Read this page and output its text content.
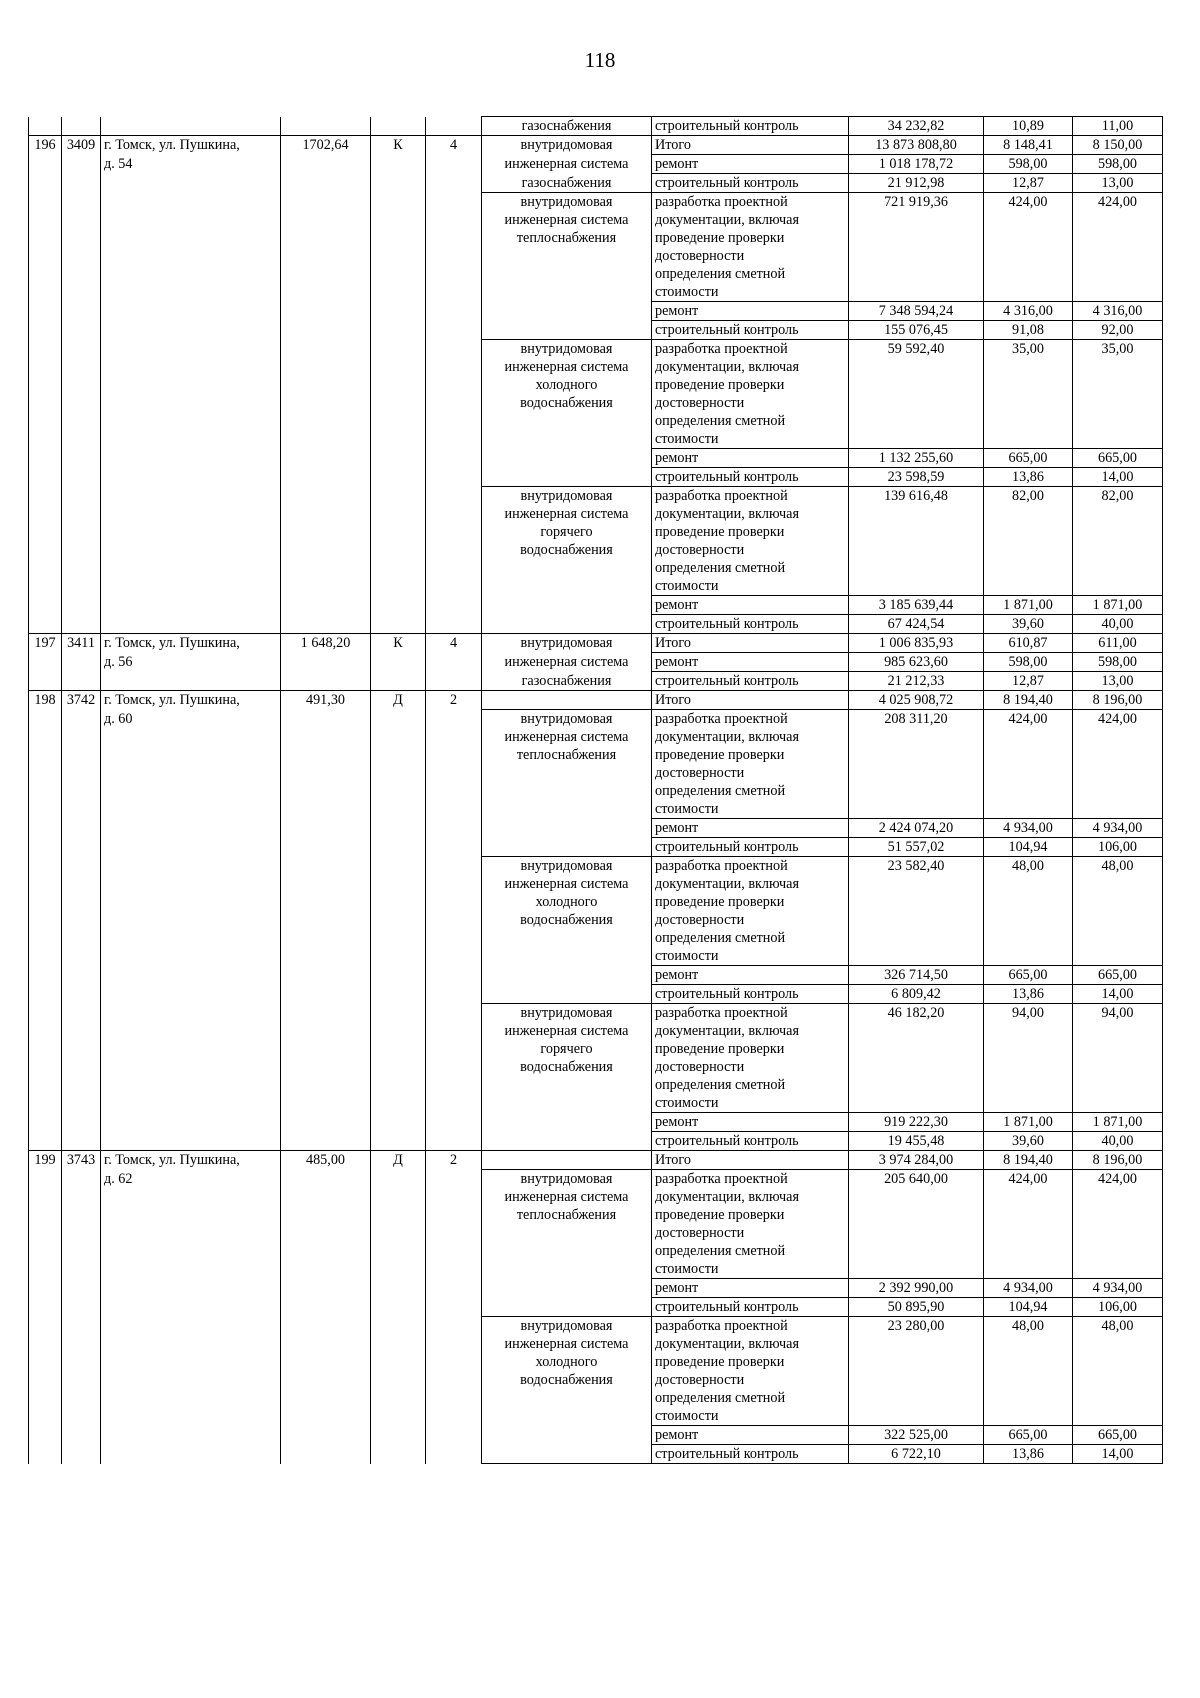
118
						газоснабжения	строительный контроль	34 232,82	10,89	11,00
196	3409	г. Томск, ул. Пушкина,	1702,64	К	4	внутридомовая	Итого	13 873 808,80	8 148,41	8 150,00
		д. 54				инженерная система	ремонт	1 018 178,72	598,00	598,00
						газоснабжения	строительный контроль	21 912,98	12,87	13,00
						внутридомовая	разработка проектной	721 919,36	424,00	424,00
						инженерная система	документации, включая			
						теплоснабжения	проведение проверки			
							достоверности			
							определения сметной			
							стоимости			
							ремонт	7 348 594,24	4 316,00	4 316,00
							строительный контроль	155 076,45	91,08	92,00
						внутридомовая	разработка проектной	59 592,40	35,00	35,00
						инженерная система	документации, включая			
						холодного	проведение проверки			
						водоснабжения	достоверности			
							определения сметной			
							стоимости			
							ремонт	1 132 255,60	665,00	665,00
							строительный контроль	23 598,59	13,86	14,00
						внутридомовая	разработка проектной	139 616,48	82,00	82,00
						инженерная система	документации, включая			
						горячего	проведение проверки			
						водоснабжения	достоверности			
							определения сметной			
							стоимости			
							ремонт	3 185 639,44	1 871,00	1 871,00
							строительный контроль	67 424,54	39,60	40,00
197	3411	г. Томск, ул. Пушкина,	1 648,20	К	4	внутридомовая	Итого	1 006 835,93	610,87	611,00
		д. 56				инженерная система	ремонт	985 623,60	598,00	598,00
						газоснабжения	строительный контроль	21 212,33	12,87	13,00
198	3742	г. Томск, ул. Пушкина,	491,30	Д	2		Итого	4 025 908,72	8 194,40	8 196,00
		д. 60				внутридомовая	разработка проектной	208 311,20	424,00	424,00
						инженерная система	документации, включая			
						теплоснабжения	проведение проверки			
							достоверности			
							определения сметной			
							стоимости			
							ремонт	2 424 074,20	4 934,00	4 934,00
							строительный контроль	51 557,02	104,94	106,00
						внутридомовая	разработка проектной	23 582,40	48,00	48,00
						инженерная система	документации, включая			
						холодного	проведение проверки			
						водоснабжения	достоверности			
							определения сметной			
							стоимости			
							ремонт	326 714,50	665,00	665,00
							строительный контроль	6 809,42	13,86	14,00
						внутридомовая	разработка проектной	46 182,20	94,00	94,00
						инженерная система	документации, включая			
						горячего	проведение проверки			
						водоснабжения	достоверности			
							определения сметной			
							стоимости			
							ремонт	919 222,30	1 871,00	1 871,00
							строительный контроль	19 455,48	39,60	40,00
199	3743	г. Томск, ул. Пушкина,	485,00	Д	2		Итого	3 974 284,00	8 194,40	8 196,00
		д. 62				внутридомовая	разработка проектной	205 640,00	424,00	424,00
						инженерная система	документации, включая			
						теплоснабжения	проведение проверки			
							достоверности			
							определения сметной			
							стоимости			
							ремонт	2 392 990,00	4 934,00	4 934,00
							строительный контроль	50 895,90	104,94	106,00
						внутридомовая	разработка проектной	23 280,00	48,00	48,00
						инженерная система	документации, включая			
						холодного	проведение проверки			
						водоснабжения	достоверности			
							определения сметной			
							стоимости			
							ремонт	322 525,00	665,00	665,00
							строительный контроль	6 722,10	13,86	14,00
